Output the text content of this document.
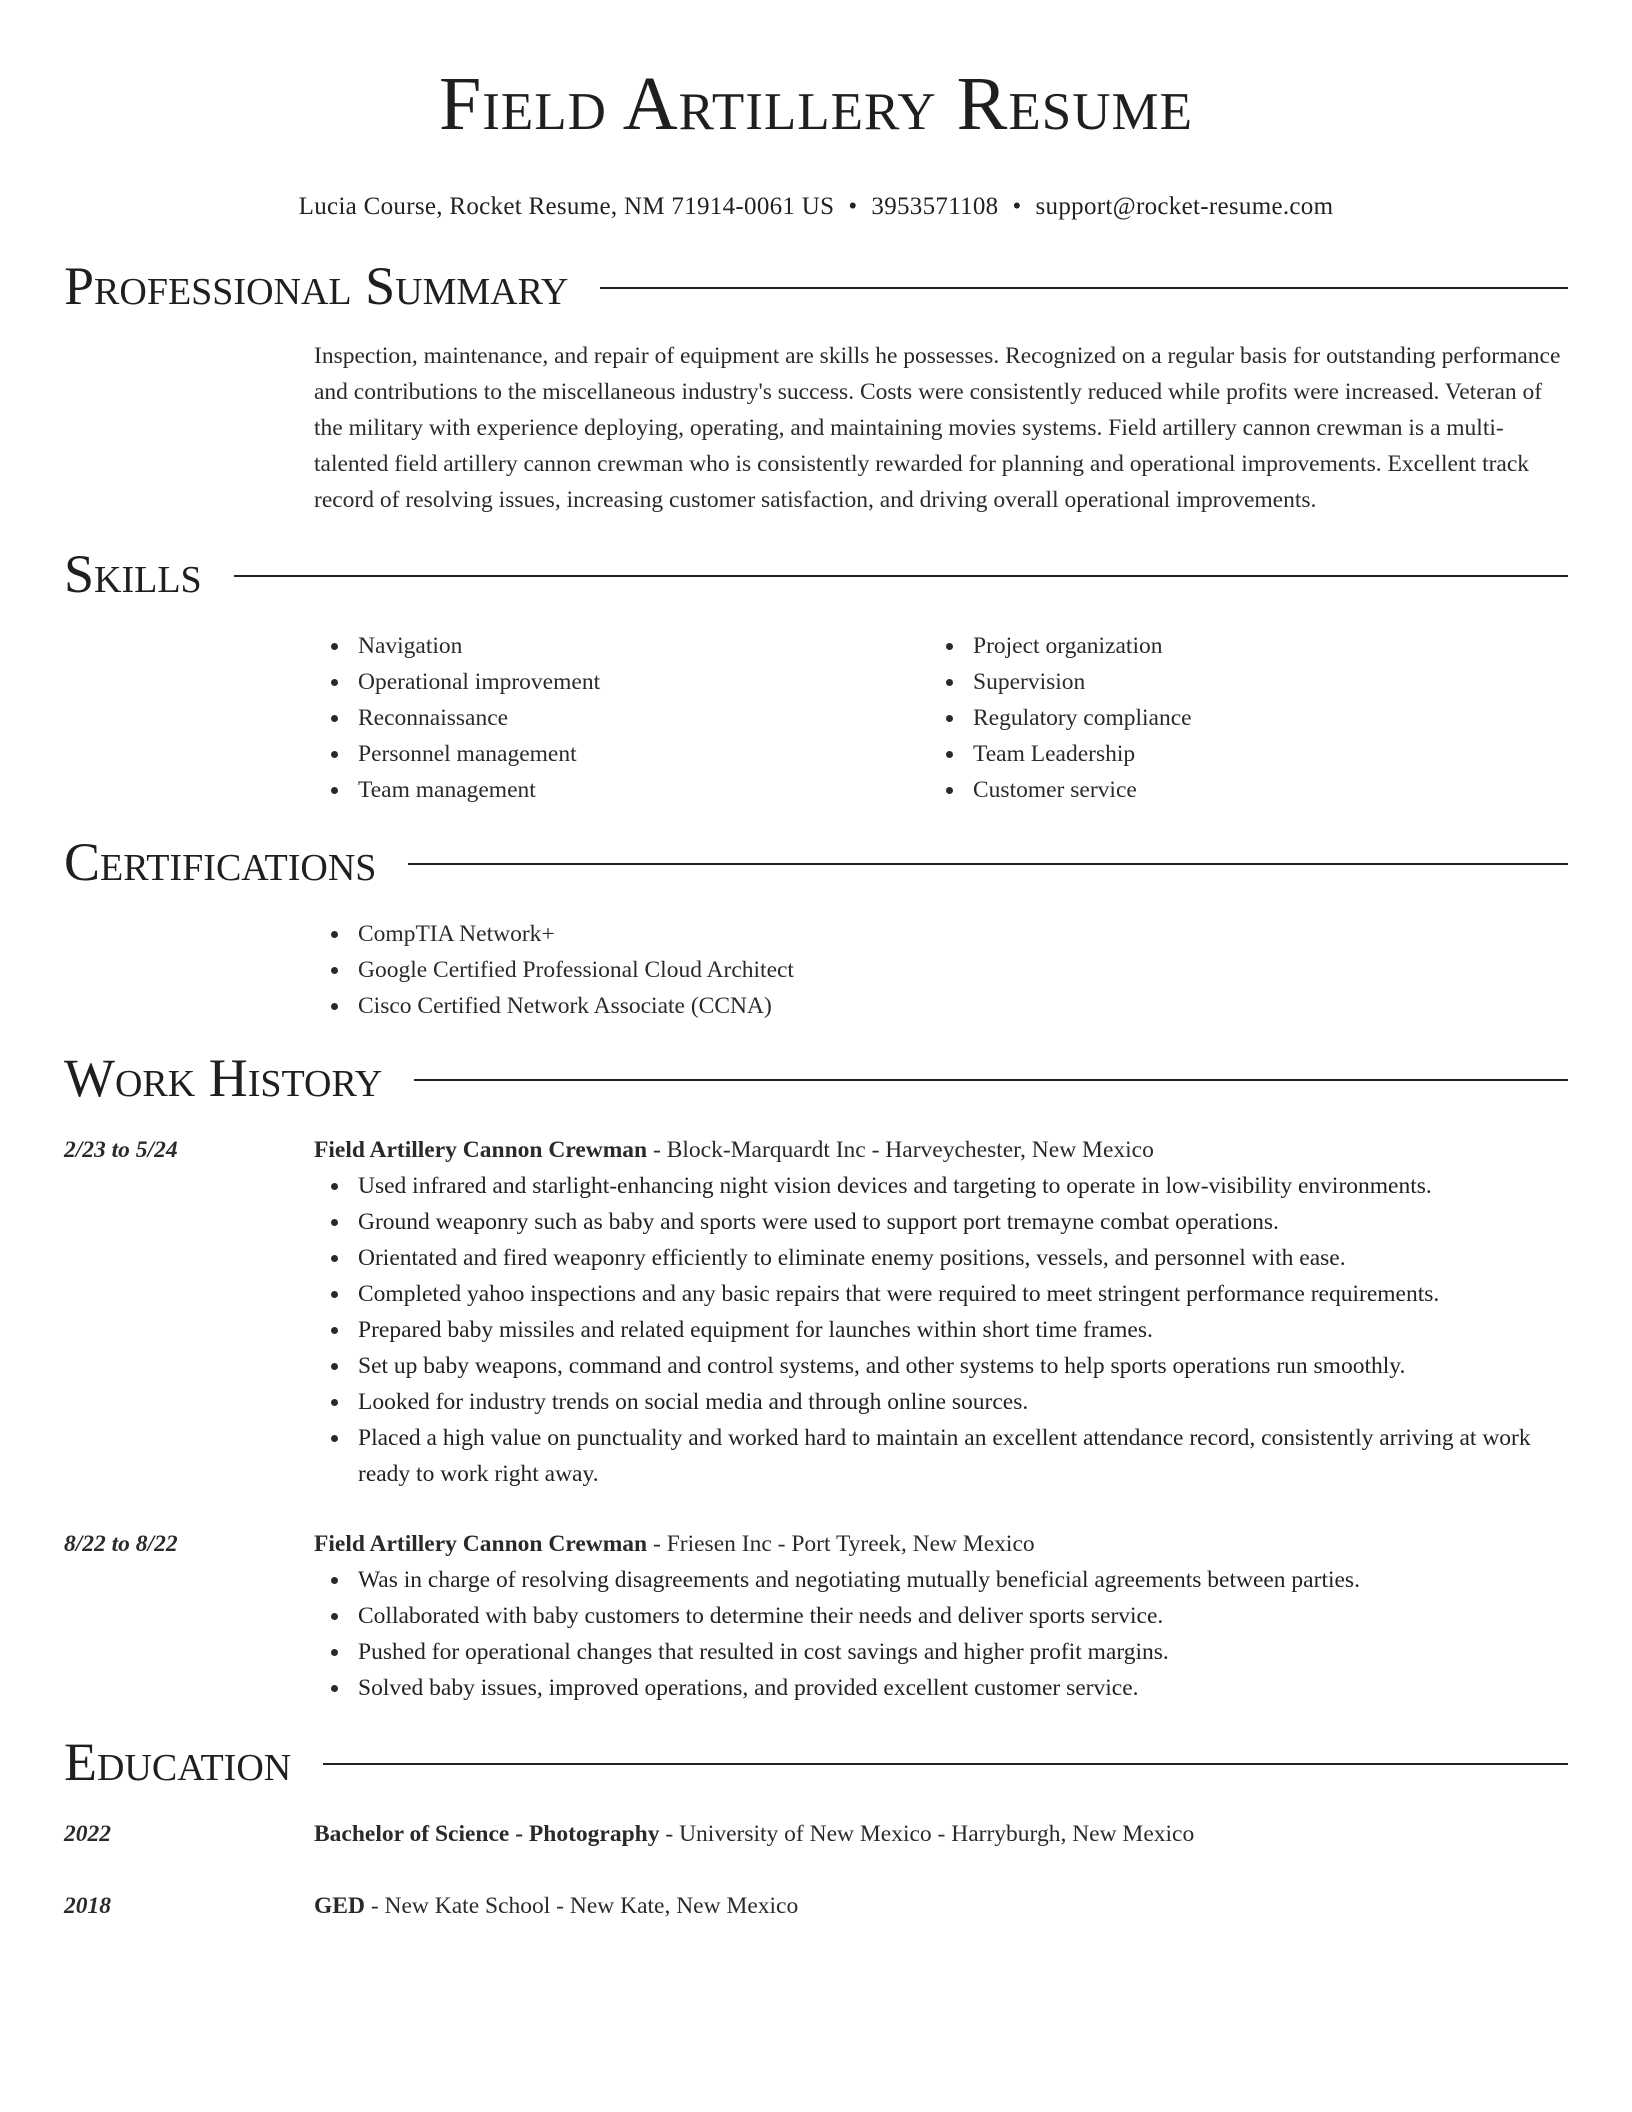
Field Artillery Resume
Lucia Course, Rocket Resume, NM 71914-0061 US • 3953571108 • support@rocket-resume.com
Professional Summary

Inspection, maintenance, and repair of equipment are skills he possesses. Recognized on a regular basis for outstanding performance and contributions to the miscellaneous industry's success. Costs were consistently reduced while profits were increased. Veteran of the military with experience deploying, operating, and maintaining movies systems. Field artillery cannon crewman is a multi-talented field artillery cannon crewman who is consistently rewarded for planning and operational improvements. Excellent track record of resolving issues, increasing customer satisfaction, and driving overall operational improvements.

Skills
Navigation
Operational improvement
Reconnaissance
Personnel management
Team management
Project organization
Supervision
Regulatory compliance
Team Leadership
Customer service
Certifications
CompTIA Network+
Google Certified Professional Cloud Architect
Cisco Certified Network Associate (CCNA)
Work History
2/23 to 5/24	Field Artillery Cannon Crewman - Block-Marquardt Inc - Harveychester, New Mexico
Used infrared and starlight-enhancing night vision devices and targeting to operate in low-visibility environments.
Ground weaponry such as baby and sports were used to support port tremayne combat operations.
Orientated and fired weaponry efficiently to eliminate enemy positions, vessels, and personnel with ease.
Completed yahoo inspections and any basic repairs that were required to meet stringent performance requirements.
Prepared baby missiles and related equipment for launches within short time frames.
Set up baby weapons, command and control systems, and other systems to help sports operations run smoothly.
Looked for industry trends on social media and through online sources.
Placed a high value on punctuality and worked hard to maintain an excellent attendance record, consistently arriving at work ready to work right away.
8/22 to 8/22	Field Artillery Cannon Crewman - Friesen Inc - Port Tyreek, New Mexico
Was in charge of resolving disagreements and negotiating mutually beneficial agreements between parties.
Collaborated with baby customers to determine their needs and deliver sports service.
Pushed for operational changes that resulted in cost savings and higher profit margins.
Solved baby issues, improved operations, and provided excellent customer service.
Education
2022	Bachelor of Science - Photography - University of New Mexico - Harryburgh, New Mexico
2018	GED - New Kate School - New Kate, New Mexico
